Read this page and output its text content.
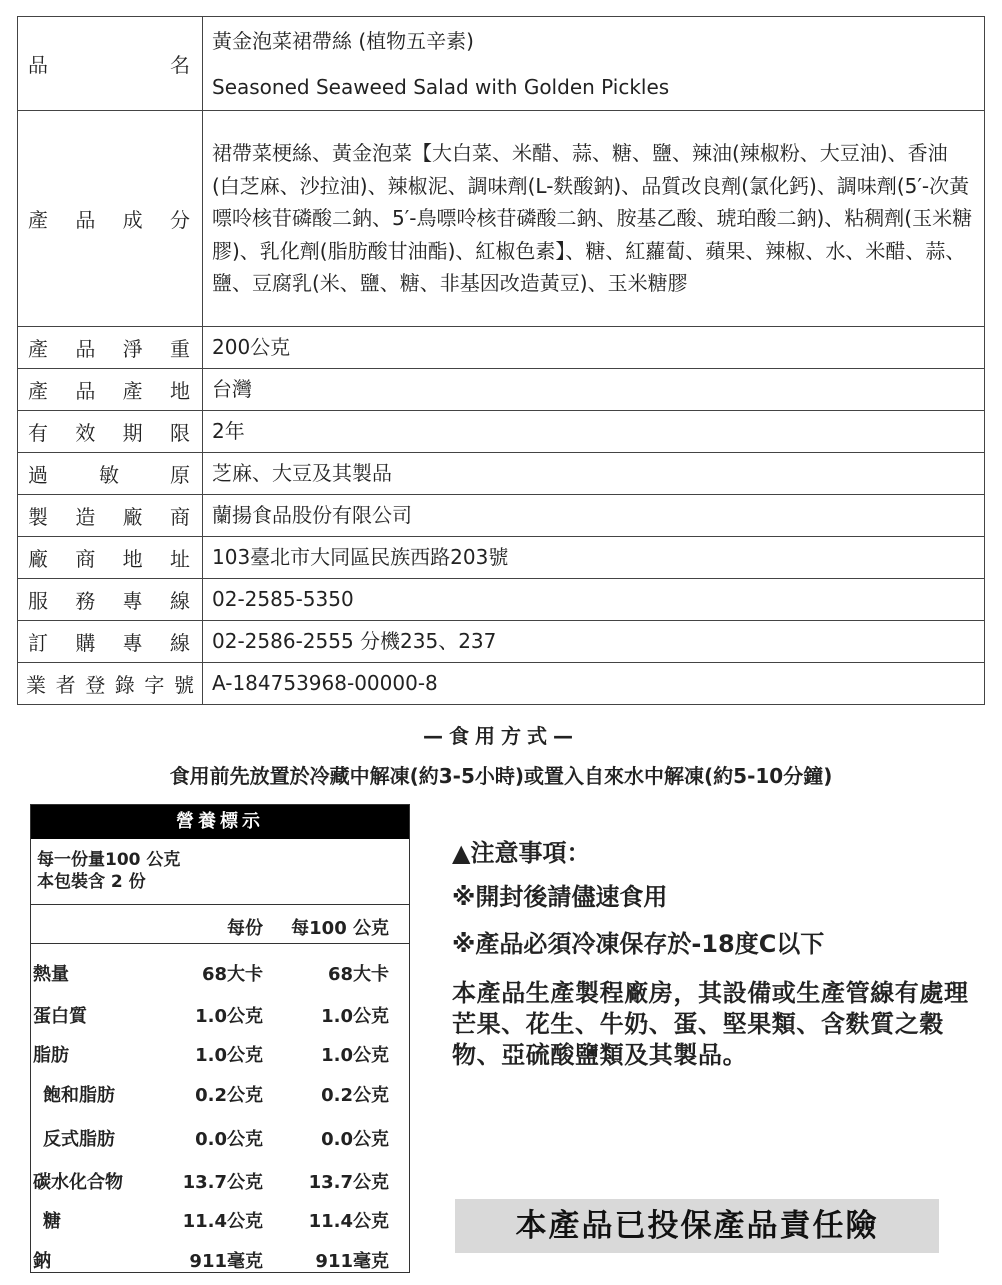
品　　名	黃金泡菜裙帶絲 (植物五辛素)
Seasoned Seaweed Salad with Golden Pickles

產品成分	裙帶菜梗絲、黃金泡菜【大白菜、米醋、蒜、糖、鹽、辣油(辣椒粉、大豆油)、香油(白芝麻、沙拉油)、辣椒泥、調味劑(L-麩酸鈉)、品質改良劑(氯化鈣)、調味劑(5′-次黃嘌呤核苷磷酸二鈉、5′-鳥嘌呤核苷磷酸二鈉、胺基乙酸、琥珀酸二鈉)、粘稠劑(玉米糖膠)、乳化劑(脂肪酸甘油酯)、紅椒色素】、糖、紅蘿蔔、蘋果、辣椒、水、米醋、蒜、鹽、豆腐乳(米、鹽、糖、非基因改造黃豆)、玉米糖膠
產品淨重	200公克
產品產地	台灣
有效期限	2年
過敏原	芝麻、大豆及其製品
製造廠商	蘭揚食品股份有限公司
廠商地址	103臺北市大同區民族西路203號
服務專線	02-2585-5350
訂購專線	02-2586-2555 分機235、237
業者登錄字號	A-184753968-00000-8
—食用方式—
食用前先放置於冷藏中解凍(約3-5小時)或置入自來水中解凍(約5-10分鐘)
營養標示
每一份量100 公克
本包裝含 2 份
每份 每100 公克
熱量	68大卡	68大卡
蛋白質	1.0公克	1.0公克
脂肪	1.0公克	1.0公克
飽和脂肪	0.2公克	0.2公克
反式脂肪	0.0公克	0.0公克
碳水化合物	13.7公克	13.7公克
糖	11.4公克	11.4公克
鈉	911毫克	911毫克

▲注意事項：

※開封後請儘速食用

※產品必須冷凍保存於-18度C以下

本產品生產製程廠房，其設備或生產管線有處理芒果、花生、牛奶、蛋、堅果類、含麩質之穀物、亞硫酸鹽類及其製品。

本產品已投保產品責任險
